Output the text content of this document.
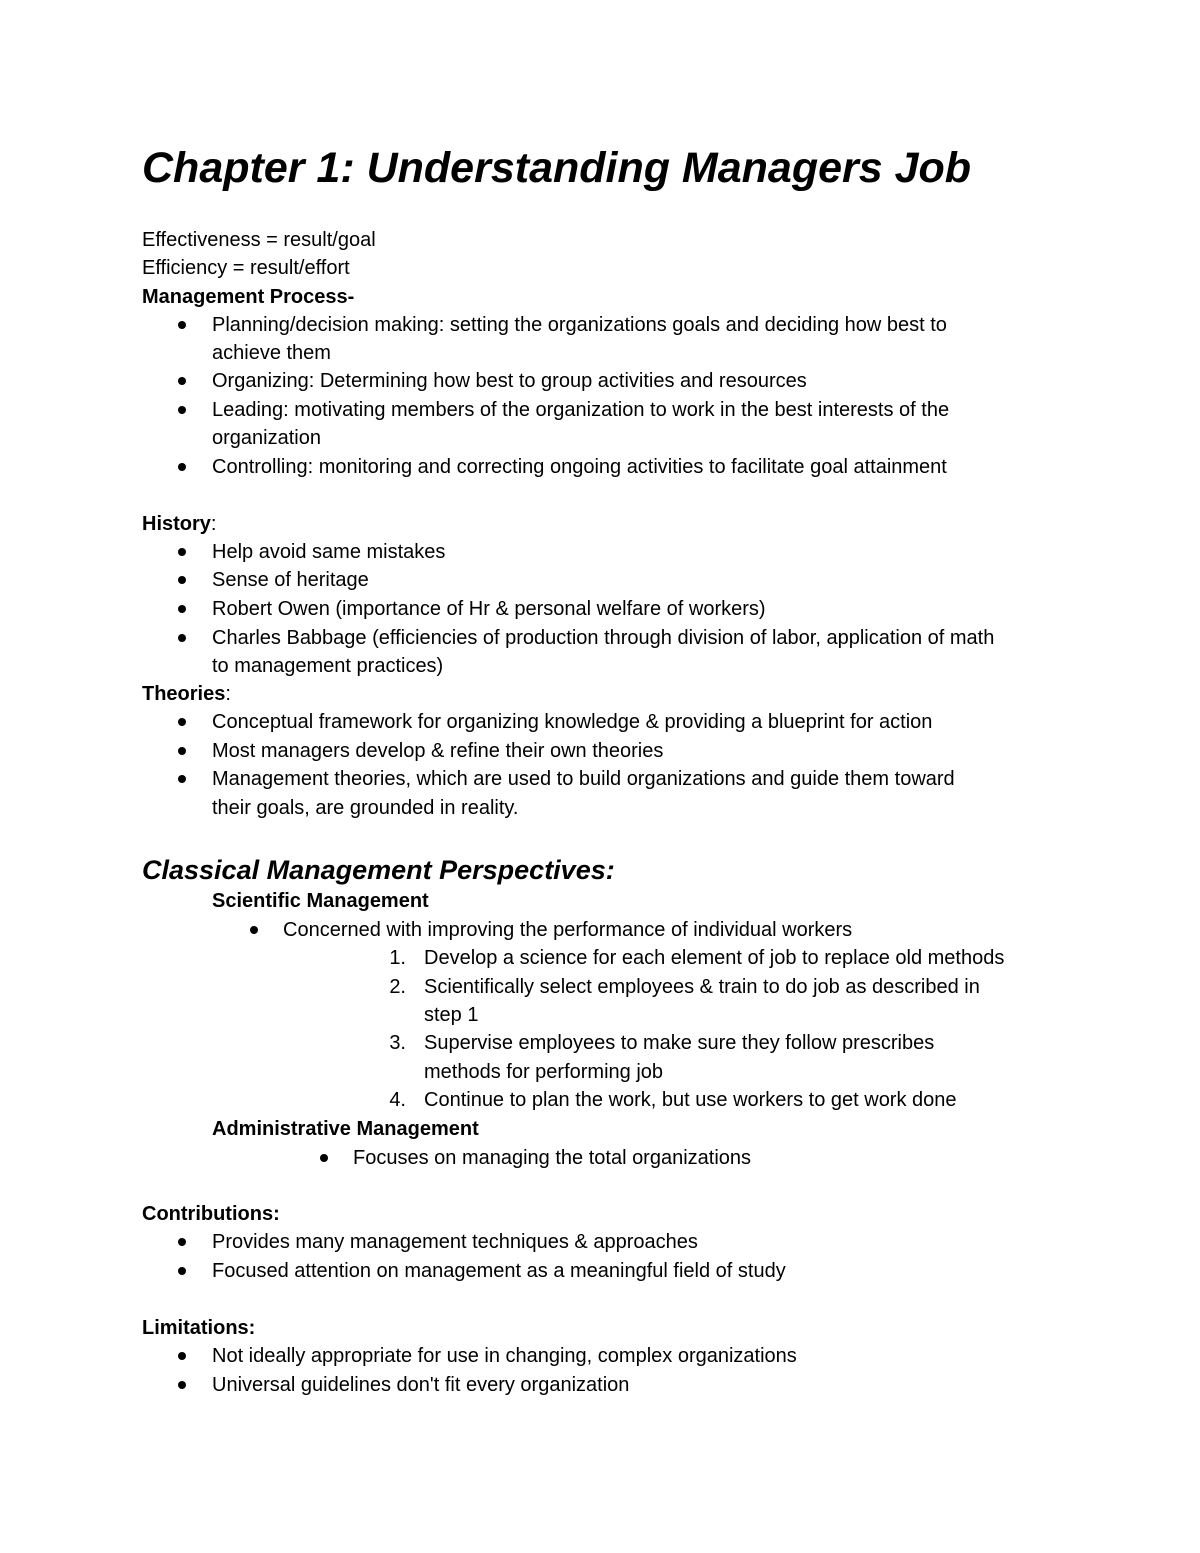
Chapter 1: Understanding Managers Job
Effectiveness = result/goal
Efficiency = result/effort
Management Process-
Planning/decision making: setting the organizations goals and deciding how best to
achieve them
Organizing: Determining how best to group activities and resources
Leading: motivating members of the organization to work in the best interests of the
organization
Controlling: monitoring and correcting ongoing activities to facilitate goal attainment
History:
Help avoid same mistakes
Sense of heritage
Robert Owen (importance of Hr & personal welfare of workers)
Charles Babbage (efficiencies of production through division of labor, application of math
to management practices)
Theories:
Conceptual framework for organizing knowledge & providing a blueprint for action
Most managers develop & refine their own theories
Management theories, which are used to build organizations and guide them toward
their goals, are grounded in reality.
Classical Management Perspectives:
Scientific Management
Concerned with improving the performance of individual workers
1. Develop a science for each element of job to replace old methods
2. Scientifically select employees & train to do job as described in
step 1
3. Supervise employees to make sure they follow prescribes
methods for performing job
4. Continue to plan the work, but use workers to get work done
Administrative Management
Focuses on managing the total organizations
Contributions:
Provides many management techniques & approaches
Focused attention on management as a meaningful field of study
Limitations:
Not ideally appropriate for use in changing, complex organizations
Universal guidelines don't fit every organization
